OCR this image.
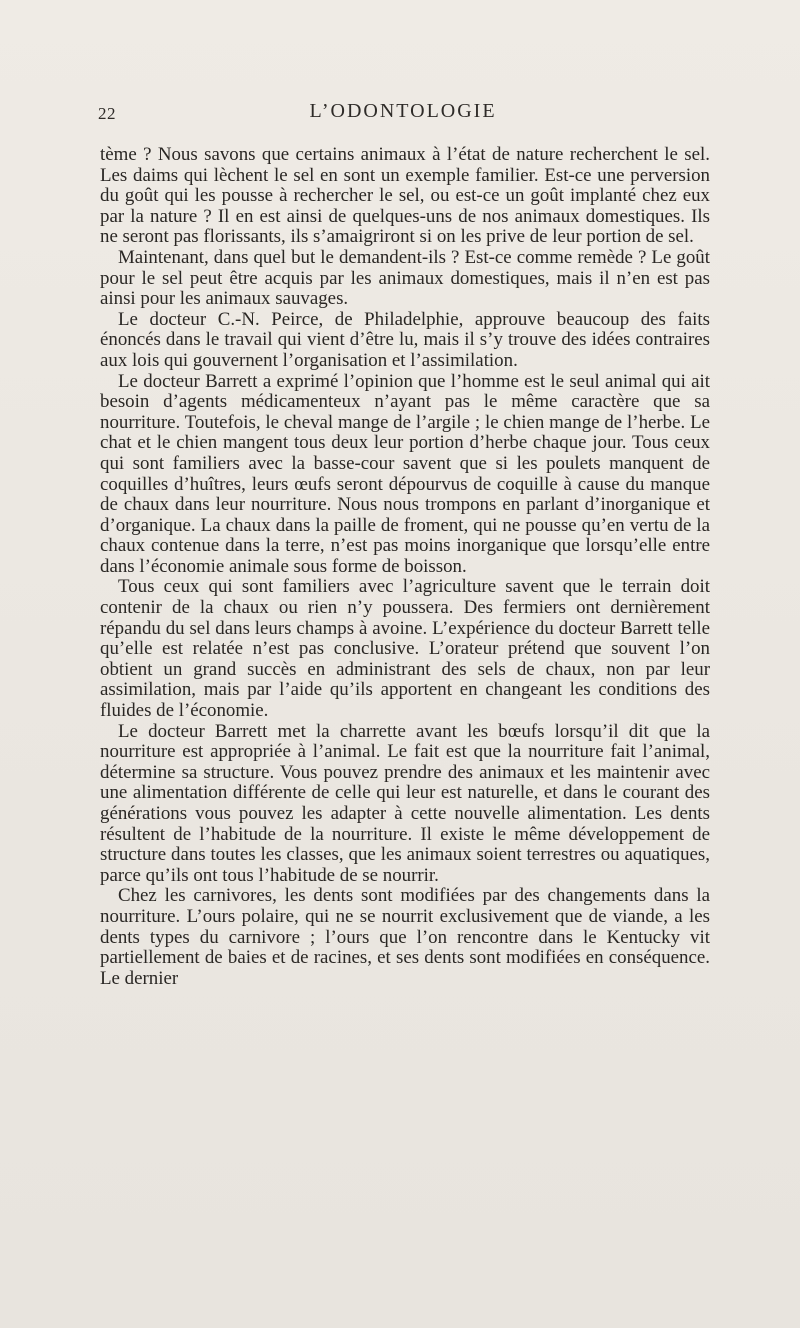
22	L’ODONTOLOGIE

tème ? Nous savons que certains animaux à l’état de nature recherchent le sel. Les daims qui lèchent le sel en sont un exemple familier. Est-ce une perversion du goût qui les pousse à rechercher le sel, ou est-ce un goût implanté chez eux par la nature ? Il en est ainsi de quelques-uns de nos animaux domestiques. Ils ne seront pas florissants, ils s’amaigriront si on les prive de leur portion de sel.

Maintenant, dans quel but le demandent-ils ? Est-ce comme remède ? Le goût pour le sel peut être acquis par les animaux domestiques, mais il n’en est pas ainsi pour les animaux sauvages.

Le docteur C.-N. Peirce, de Philadelphie, approuve beaucoup des faits énoncés dans le travail qui vient d’être lu, mais il s’y trouve des idées contraires aux lois qui gouvernent l’organisation et l’assimilation.

Le docteur Barrett a exprimé l’opinion que l’homme est le seul animal qui ait besoin d’agents médicamenteux n’ayant pas le même caractère que sa nourriture. Toutefois, le cheval mange de l’argile ; le chien mange de l’herbe. Le chat et le chien mangent tous deux leur portion d’herbe chaque jour. Tous ceux qui sont familiers avec la basse-cour savent que si les poulets manquent de coquilles d’huîtres, leurs œufs seront dépourvus de coquille à cause du manque de chaux dans leur nourriture. Nous nous trompons en parlant d’inorganique et d’organique. La chaux dans la paille de froment, qui ne pousse qu’en vertu de la chaux contenue dans la terre, n’est pas moins inorganique que lorsqu’elle entre dans l’économie animale sous forme de boisson.

Tous ceux qui sont familiers avec l’agriculture savent que le terrain doit contenir de la chaux ou rien n’y poussera. Des fermiers ont dernièrement répandu du sel dans leurs champs à avoine. L’expérience du docteur Barrett telle qu’elle est relatée n’est pas conclusive. L’orateur prétend que souvent l’on obtient un grand succès en administrant des sels de chaux, non par leur assimilation, mais par l’aide qu’ils apportent en changeant les conditions des fluides de l’économie.

Le docteur Barrett met la charrette avant les bœufs lorsqu’il dit que la nourriture est appropriée à l’animal. Le fait est que la nourriture fait l’animal, détermine sa structure. Vous pouvez prendre des animaux et les maintenir avec une alimentation différente de celle qui leur est naturelle, et dans le courant des générations vous pouvez les adapter à cette nouvelle alimentation. Les dents résultent de l’habitude de la nourriture. Il existe le même développement de structure dans toutes les classes, que les animaux soient terrestres ou aquatiques, parce qu’ils ont tous l’habitude de se nourrir.

Chez les carnivores, les dents sont modifiées par des changements dans la nourriture. L’ours polaire, qui ne se nourrit exclusivement que de viande, a les dents types du carnivore ; l’ours que l’on rencontre dans le Kentucky vit partiellement de baies et de racines, et ses dents sont modifiées en conséquence. Le dernier
